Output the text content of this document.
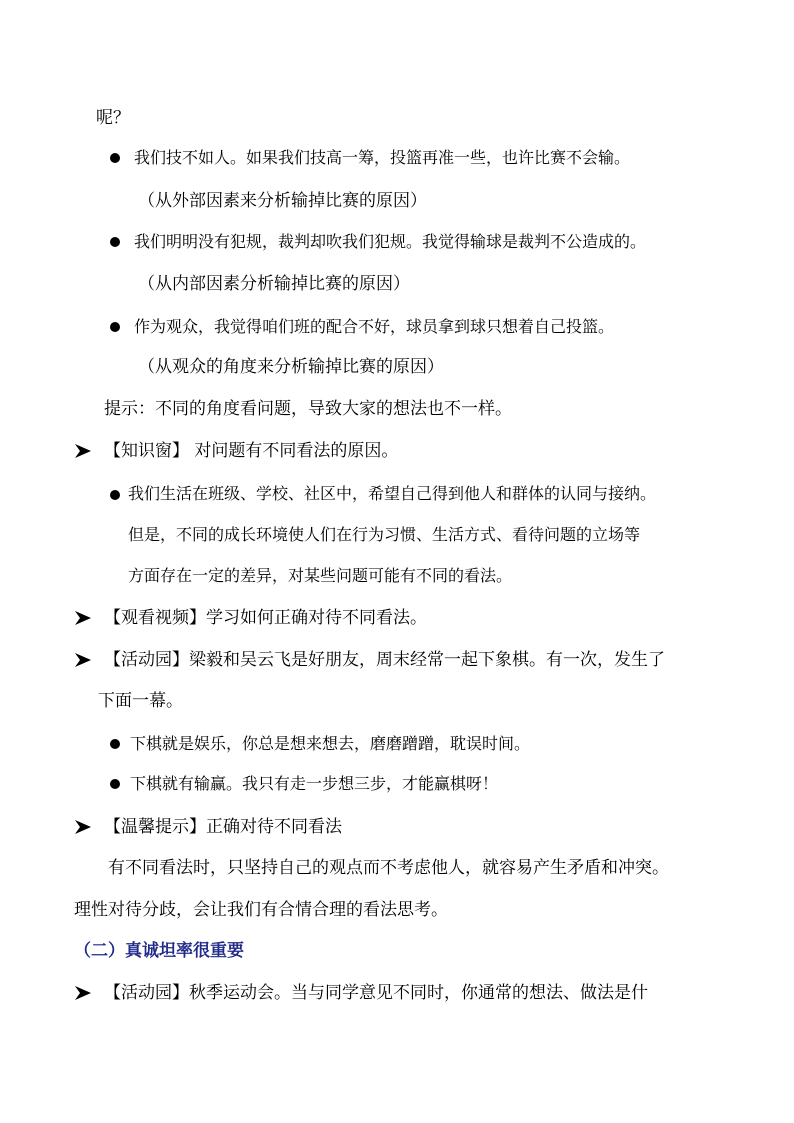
呢？
我们技不如人。如果我们技高一筹，投篮再准一些，也许比赛不会输。
（从外部因素来分析输掉比赛的原因）
我们明明没有犯规，裁判却吹我们犯规。我觉得输球是裁判不公造成的。
（从内部因素分析输掉比赛的原因）
作为观众，我觉得咱们班的配合不好，球员拿到球只想着自己投篮。
（从观众的角度来分析输掉比赛的原因）
提示：不同的角度看问题，导致大家的想法也不一样。
【知识窗】 对问题有不同看法的原因。
我们生活在班级、学校、社区中，希望自己得到他人和群体的认同与接纳。
但是，不同的成长环境使人们在行为习惯、生活方式、看待问题的立场等
方面存在一定的差异，对某些问题可能有不同的看法。
【观看视频】学习如何正确对待不同看法。
【活动园】梁毅和吴云飞是好朋友，周末经常一起下象棋。有一次，发生了
下面一幕。
下棋就是娱乐，你总是想来想去，磨磨蹭蹭，耽误时间。
下棋就有输赢。我只有走一步想三步，才能赢棋呀！
【温馨提示】正确对待不同看法
有不同看法时，只坚持自己的观点而不考虑他人，就容易产生矛盾和冲突。
理性对待分歧，会让我们有合情合理的看法思考。
（二）真诚坦率很重要
【活动园】秋季运动会。当与同学意见不同时，你通常的想法、做法是什
